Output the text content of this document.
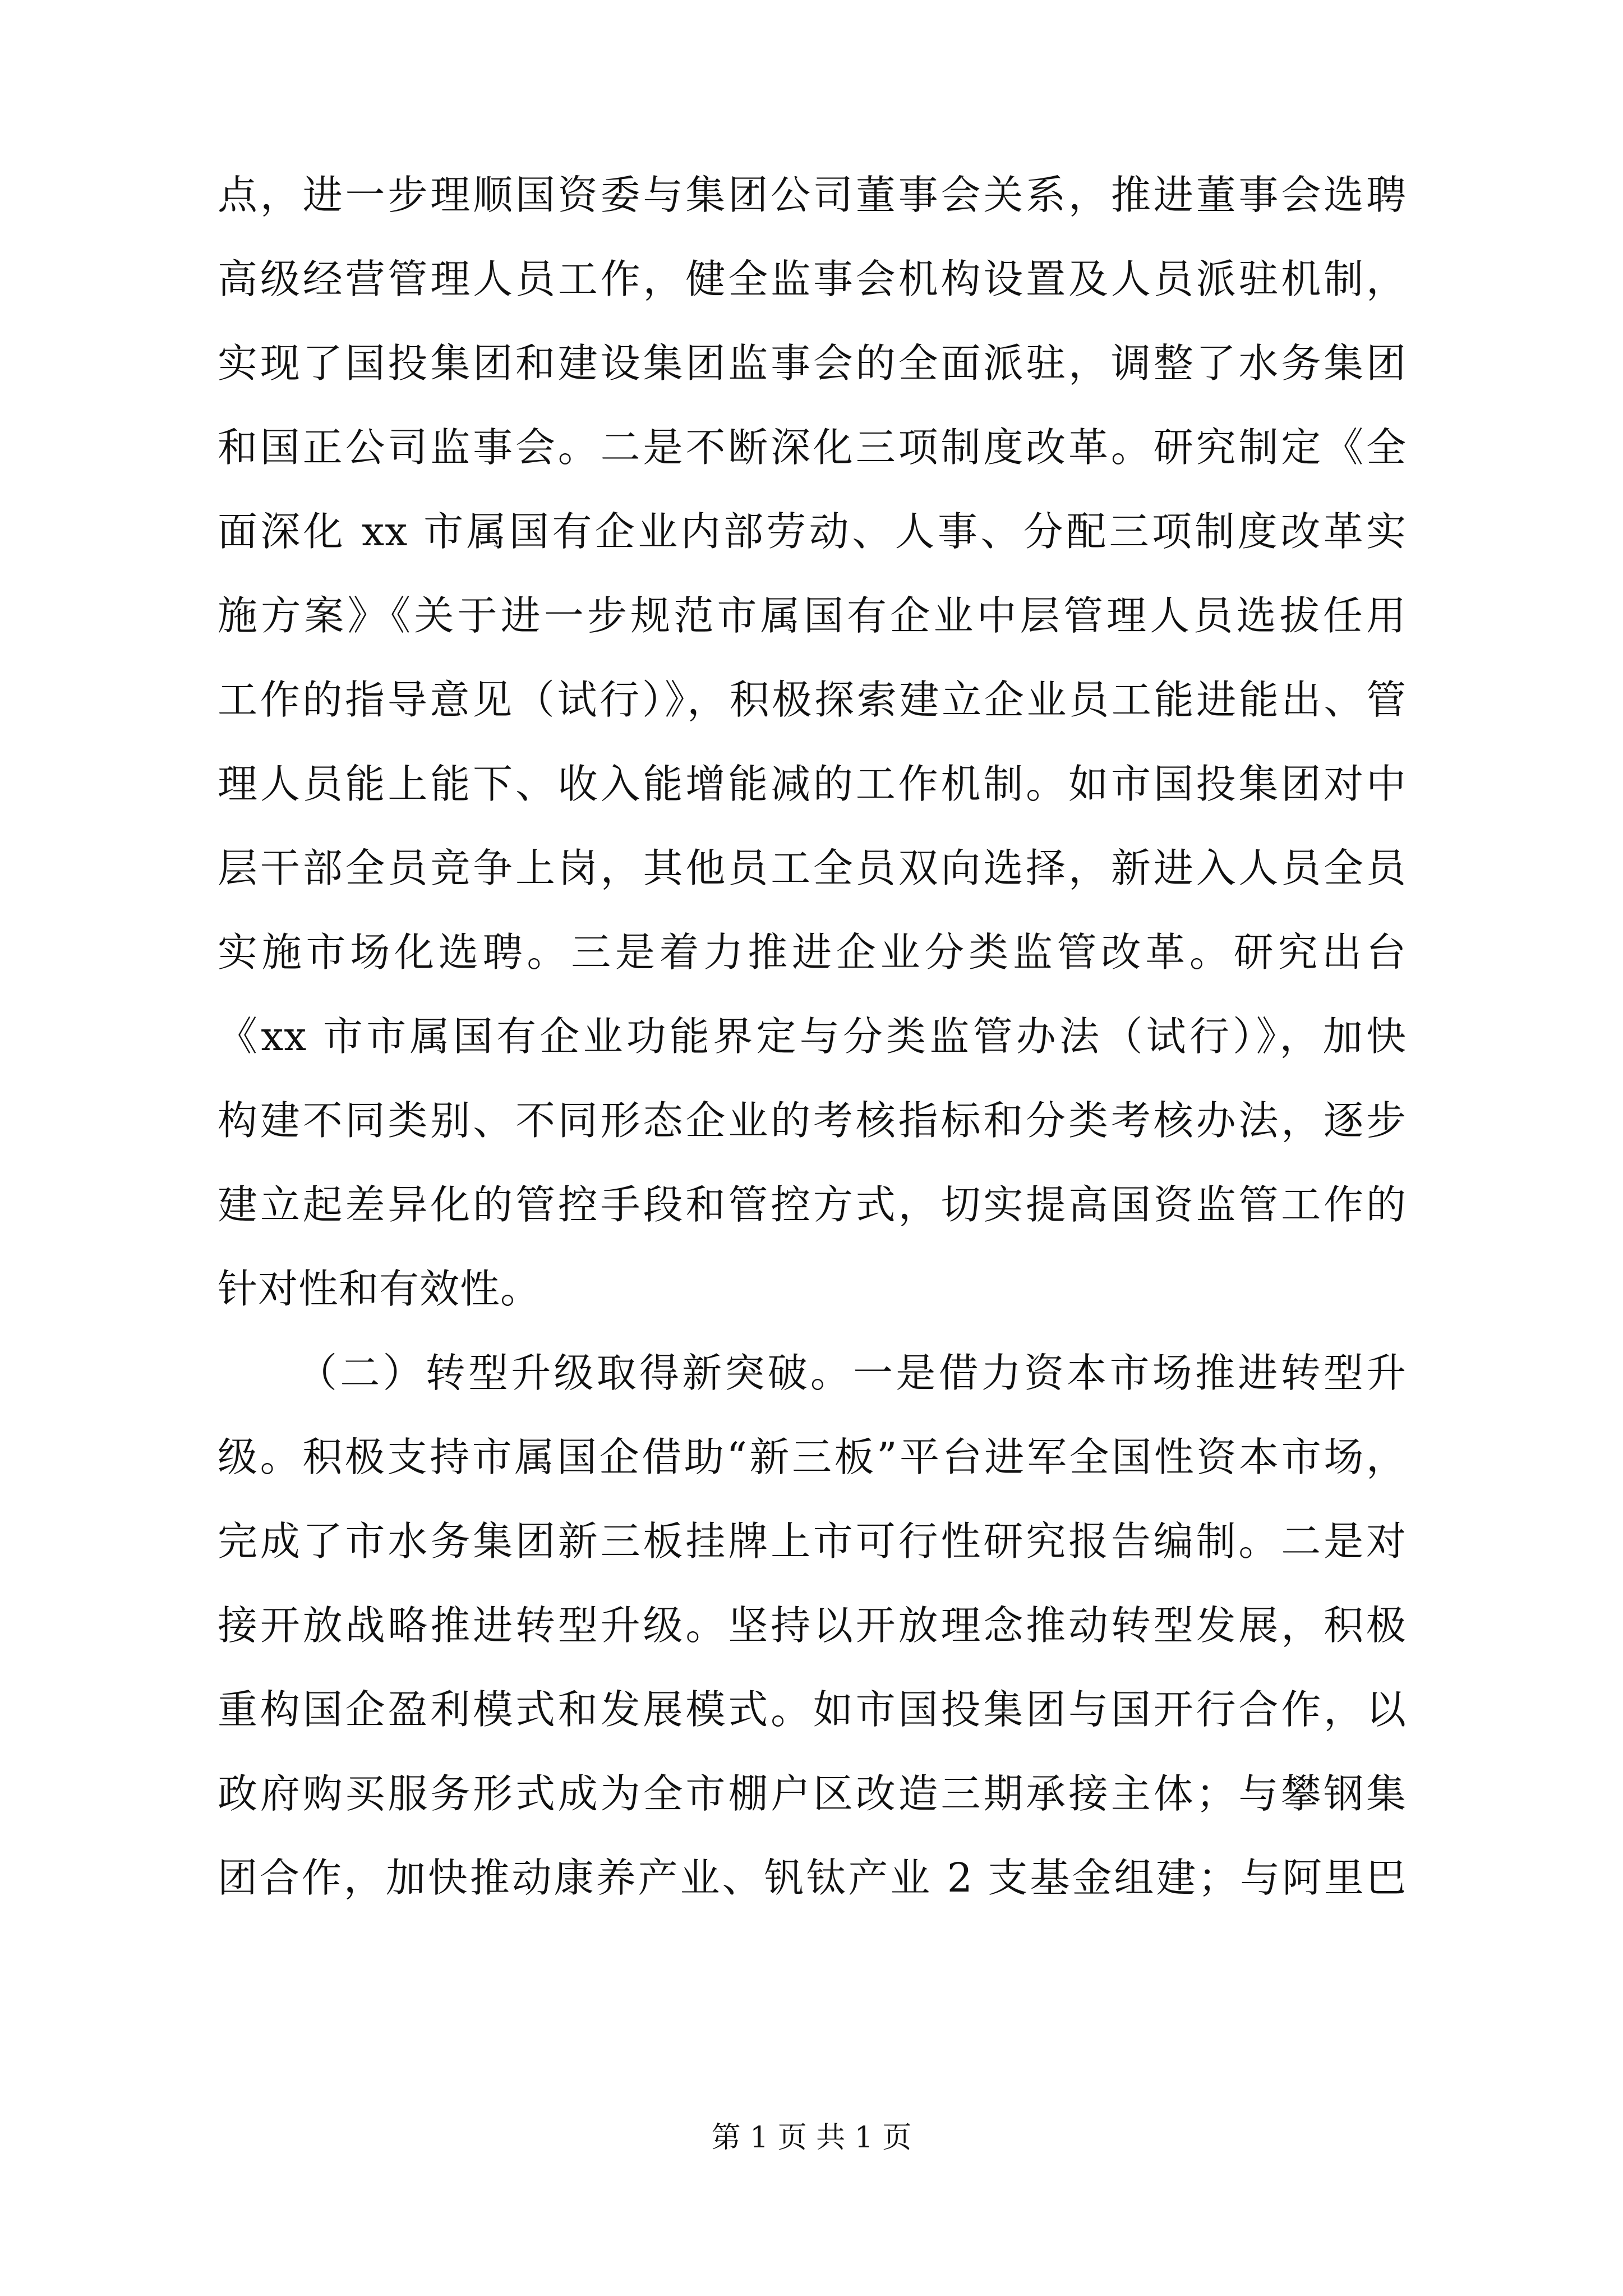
点，进一步理顺国资委与集团公司董事会关系，推进董事会选聘
高级经营管理人员工作，健全监事会机构设置及人员派驻机制，
实现了国投集团和建设集团监事会的全面派驻，调整了水务集团
和国正公司监事会。二是不断深化三项制度改革。研究制定《全
面深化 xx 市属国有企业内部劳动、人事、分配三项制度改革实
施方案》《关于进一步规范市属国有企业中层管理人员选拔任用
工作的指导意见（试行）》，积极探索建立企业员工能进能出、管
理人员能上能下、收入能增能减的工作机制。如市国投集团对中
层干部全员竞争上岗，其他员工全员双向选择，新进入人员全员
实施市场化选聘。三是着力推进企业分类监管改革。研究出台
《xx 市市属国有企业功能界定与分类监管办法（试行）》，加快
构建不同类别、不同形态企业的考核指标和分类考核办法，逐步
建立起差异化的管控手段和管控方式，切实提高国资监管工作的
针对性和有效性。
（二）转型升级取得新突破。一是借力资本市场推进转型升
级。积极支持市属国企借助“新三板”平台进军全国性资本市场，
完成了市水务集团新三板挂牌上市可行性研究报告编制。二是对
接开放战略推进转型升级。坚持以开放理念推动转型发展，积极
重构国企盈利模式和发展模式。如市国投集团与国开行合作，以
政府购买服务形式成为全市棚户区改造三期承接主体；与攀钢集
团合作，加快推动康养产业、钒钛产业 2 支基金组建；与阿里巴
第 1 页 共 1 页
